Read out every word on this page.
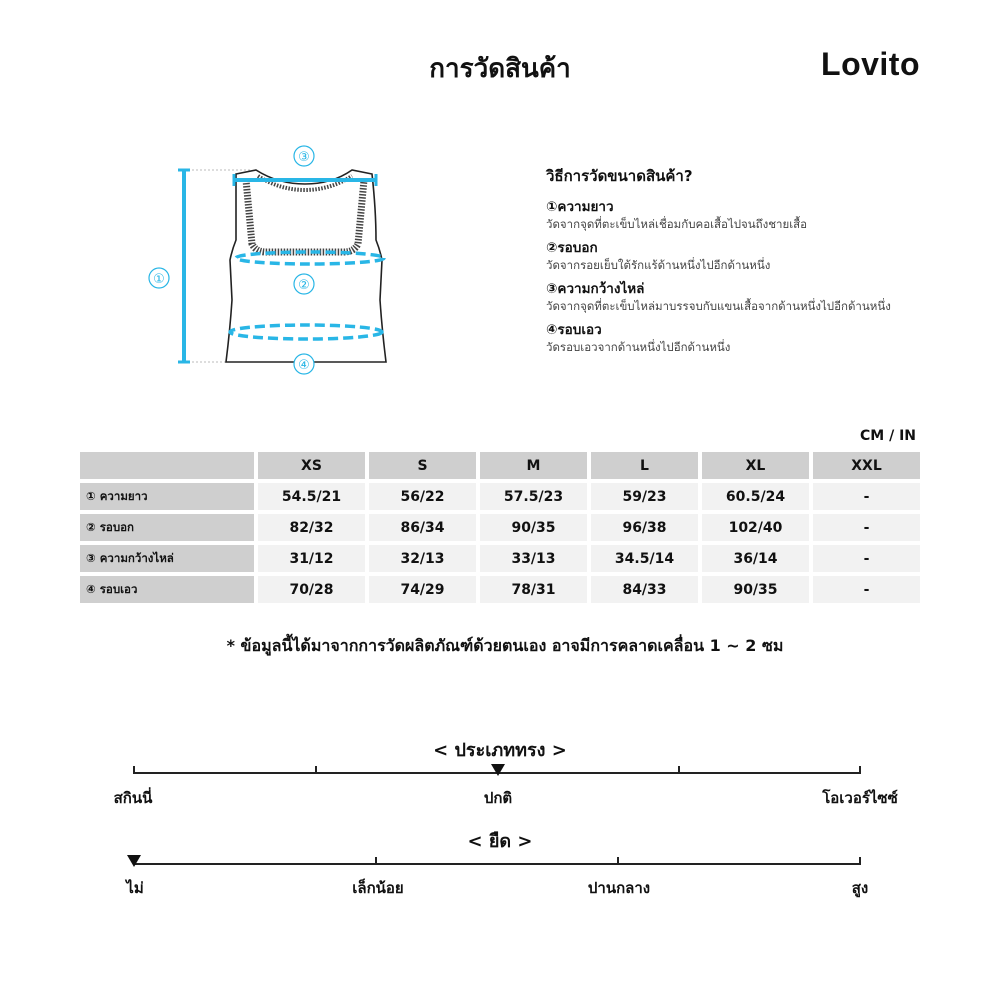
การวัดสินค้า	Lovito
①	②
③
④
วิธีการวัดขนาดสินค้า?
①ความยาว
วัดจากจุดที่ตะเข็บไหล่เชื่อมกับคอเสื้อไปจนถึงชายเสื้อ
②รอบอก
วัดจากรอยเย็บใต้รักแร้ด้านหนึ่งไปอีกด้านหนึ่ง
③ความกว้างไหล่
วัดจากจุดที่ตะเข็บไหล่มาบรรจบกับแขนเสื้อจากด้านหนึ่งไปอีกด้านหนึ่ง
④รอบเอว
วัดรอบเอวจากด้านหนึ่งไปอีกด้านหนึ่ง
CM / IN
	XS	S	M	L	XL	XXL
① ความยาว	54.5/21	56/22	57.5/23	59/23	60.5/24	-
② รอบอก	82/32	86/34	90/35	96/38	102/40	-
③ ความกว้างไหล่	31/12	32/13	33/13	34.5/14	36/14	-
④ รอบเอว	70/28	74/29	78/31	84/33	90/35	-
* ข้อมูลนี้ได้มาจากการวัดผลิตภัณฑ์ด้วยตนเอง อาจมีการคลาดเคลื่อน 1 ~ 2 ซม
< ประเภททรง >
สกินนี่	ปกติ	โอเวอร์ไซซ์
< ยืด >
ไม่	เล็กน้อย	ปานกลาง	สูง
